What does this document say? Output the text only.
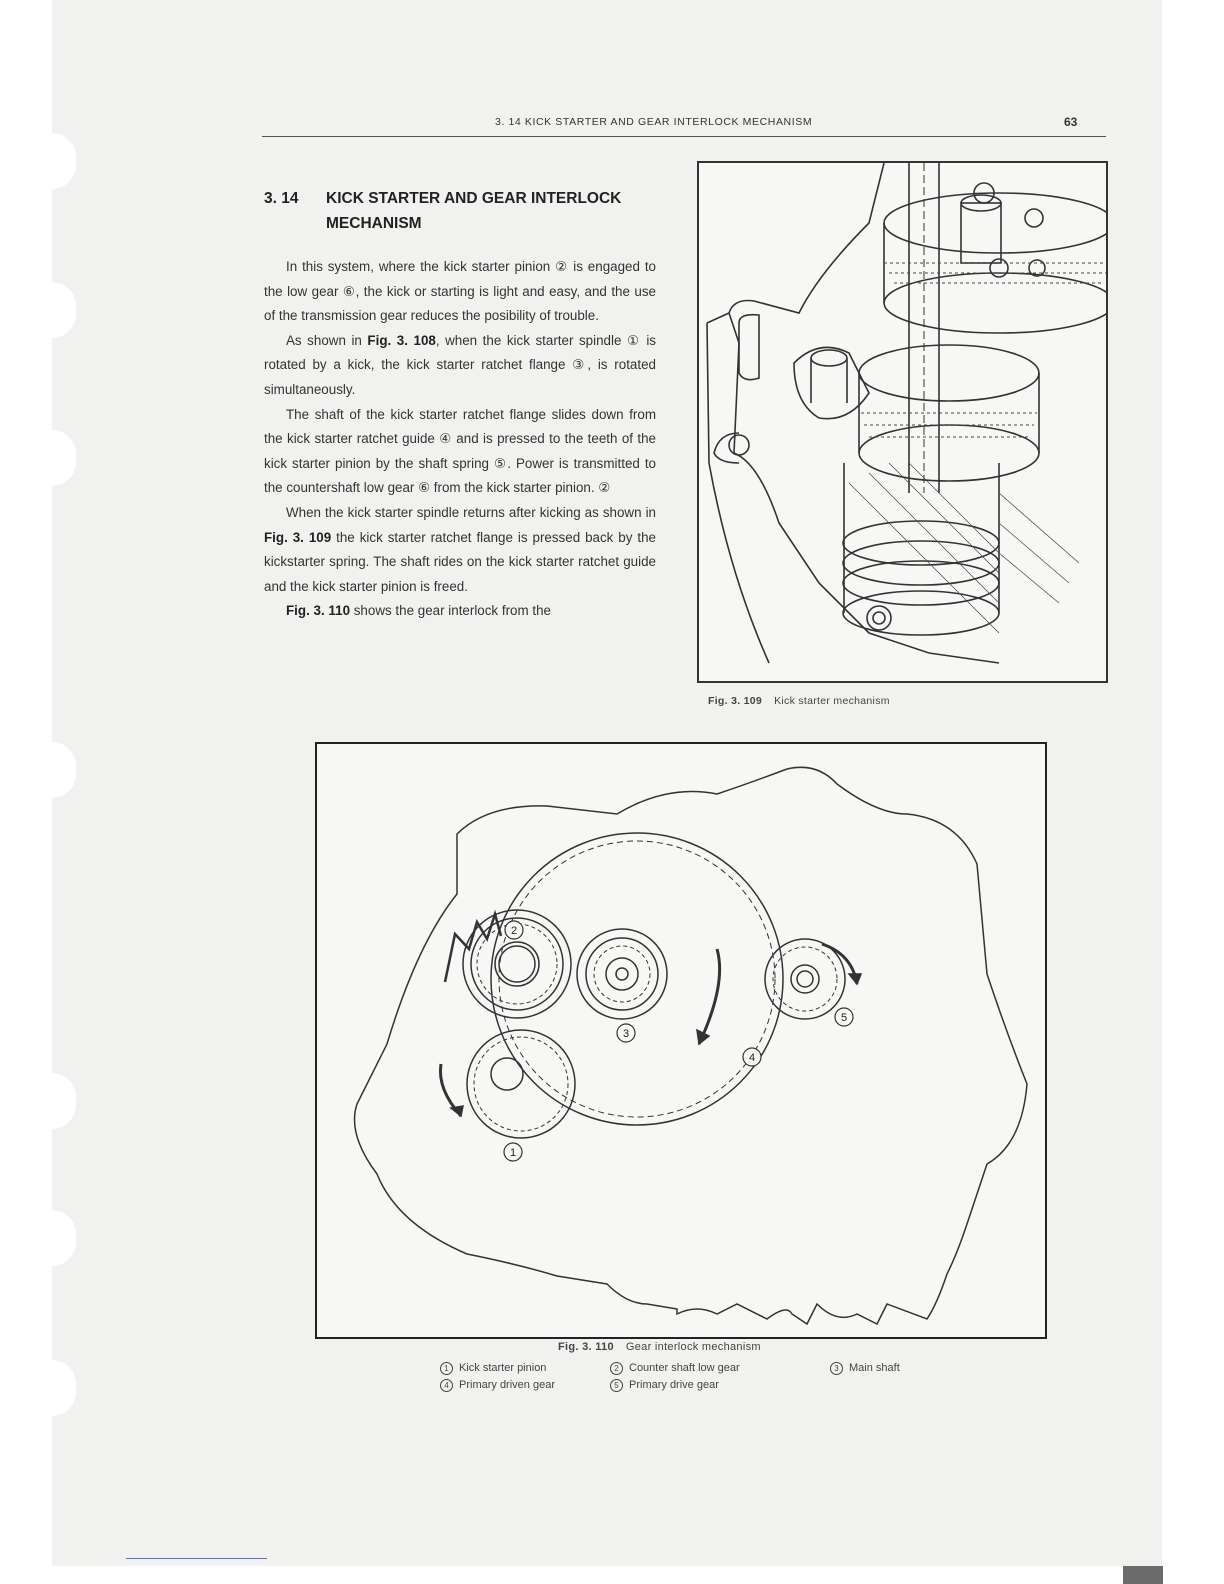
3. 14 KICK STARTER AND GEAR INTERLOCK MECHANISM	63
3. 14 KICK STARTER AND GEAR INTERLOCK
MECHANISM

In this system, where the kick starter pinion ② is engaged to the low gear ⑥, the kick or starting is light and easy, and the use of the transmission gear reduces the posibility of trouble.

As shown in Fig. 3. 108, when the kick starter spindle ① is rotated by a kick, the kick starter ratchet flange ③, is rotated simultaneously.

The shaft of the kick starter ratchet flange slides down from the kick starter ratchet guide ④ and is pressed to the teeth of the kick starter pinion by the shaft spring ⑤. Power is transmitted to the countershaft low gear ⑥ from the kick starter pinion. ②

When the kick starter spindle returns after kicking as shown in Fig. 3. 109 the kick starter ratchet flange is pressed back by the kickstarter spring. The shaft rides on the kick starter ratchet guide and the kick starter pinion is freed.

Fig. 3. 110 shows the gear interlock from the

Fig. 3. 109 Kick starter mechanism
2
3
4
5
1
Fig. 3. 110 Gear interlock mechanism
1 Kick starter pinion	2 Counter shaft low gear	3 Main shaft
4 Primary driven gear	5 Primary drive gear
